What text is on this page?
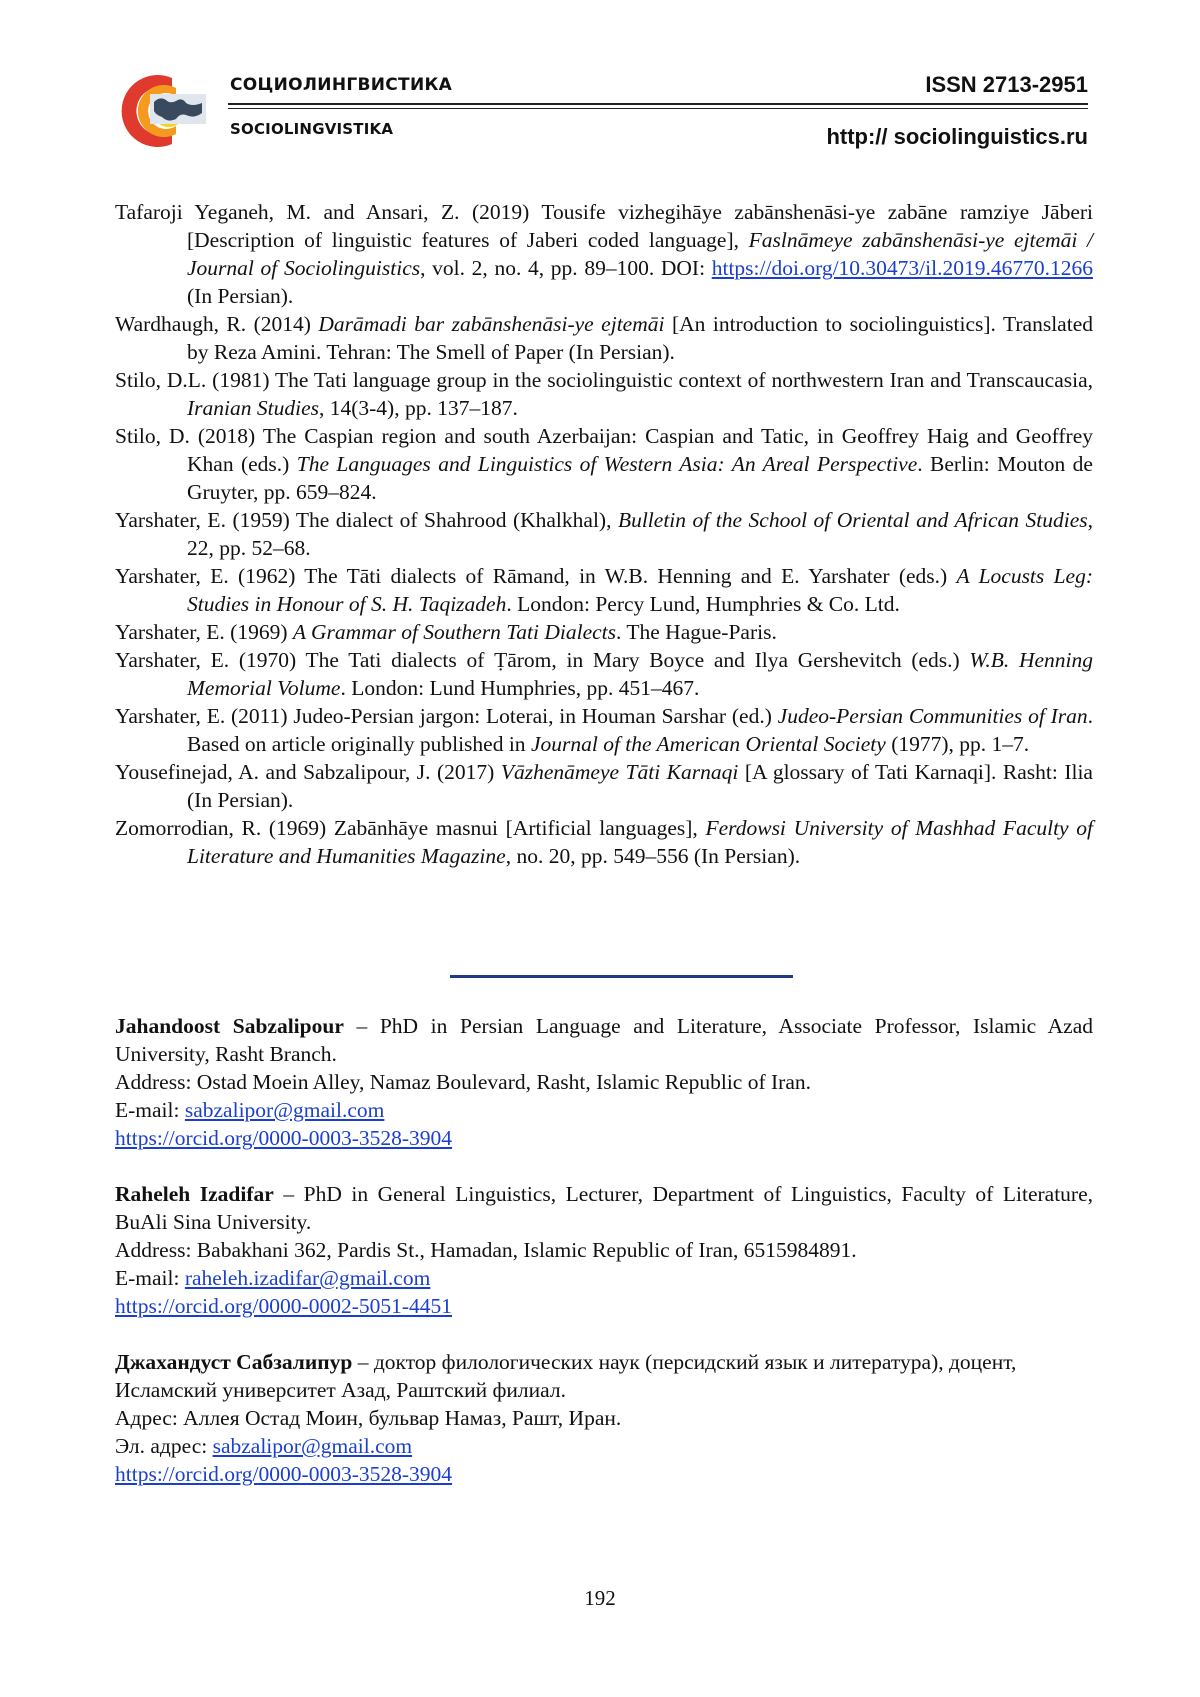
СОЦИОЛИНГВИСТИКА
SOCIOLINGVISTIKA
ISSN 2713-2951
http:// sociolinguistics.ru

Tafaroji Yeganeh, M. and Ansari, Z. (2019) Tousife vizhegihāye zabānshenāsi-ye zabāne ramziye Jāberi [Description of linguistic features of Jaberi coded language], Faslnāmeye zabānshenāsi-ye ejtemāi / Journal of Sociolinguistics, vol. 2, no. 4, pp. 89–100. DOI: https://doi.org/10.30473/il.2019.46770.1266 (In Persian).

Wardhaugh, R. (2014) Darāmadi bar zabānshenāsi-ye ejtemāi [An introduction to sociolinguistics]. Translated by Reza Amini. Tehran: The Smell of Paper (In Persian).

Stilo, D.L. (1981) The Tati language group in the sociolinguistic context of northwestern Iran and Transcaucasia, Iranian Studies, 14(3-4), pp. 137–187.

Stilo, D. (2018) The Caspian region and south Azerbaijan: Caspian and Tatic, in Geoffrey Haig and Geoffrey Khan (eds.) The Languages and Linguistics of Western Asia: An Areal Perspective. Berlin: Mouton de Gruyter, pp. 659–824.

Yarshater, E. (1959) The dialect of Shahrood (Khalkhal), Bulletin of the School of Oriental and African Studies, 22, pp. 52–68.

Yarshater, E. (1962) The Tāti dialects of Rāmand, in W.B. Henning and E. Yarshater (eds.) A Locusts Leg: Studies in Honour of S. H. Taqizadeh. London: Percy Lund, Humphries & Co. Ltd.

Yarshater, E. (1969) A Grammar of Southern Tati Dialects. The Hague-Paris.

Yarshater, E. (1970) The Tati dialects of Ṭārom, in Mary Boyce and Ilya Gershevitch (eds.) W.B. Henning Memorial Volume. London: Lund Humphries, pp. 451–467.

Yarshater, E. (2011) Judeo-Persian jargon: Loterai, in Houman Sarshar (ed.) Judeo-Persian Communities of Iran. Based on article originally published in Journal of the American Oriental Society (1977), pp. 1–7.

Yousefinejad, A. and Sabzalipour, J. (2017) Vāzhenāmeye Tāti Karnaqi [A glossary of Tati Karnaqi]. Rasht: Ilia (In Persian).

Zomorrodian, R. (1969) Zabānhāye masnui [Artificial languages], Ferdowsi University of Mashhad Faculty of Literature and Humanities Magazine, no. 20, pp. 549–556 (In Persian).

Jahandoost Sabzalipour – PhD in Persian Language and Literature, Associate Professor, Islamic Azad University, Rasht Branch.

Address: Ostad Moein Alley, Namaz Boulevard, Rasht, Islamic Republic of Iran.

E-mail: sabzalipor@gmail.com

https://orcid.org/0000-0003-3528-3904

Raheleh Izadifar – PhD in General Linguistics, Lecturer, Department of Linguistics, Faculty of Literature, BuAli Sina University.

Address: Babakhani 362, Pardis St., Hamadan, Islamic Republic of Iran, 6515984891.

E-mail: raheleh.izadifar@gmail.com

https://orcid.org/0000-0002-5051-4451

Джахандуст Сабзалипур – доктор филологических наук (персидский язык и литература), доцент, Исламский университет Азад, Раштский филиал.

Адрес: Аллея Остад Моин, бульвар Намаз, Рашт, Иран.

Эл. адрес: sabzalipor@gmail.com

https://orcid.org/0000-0003-3528-3904

192
